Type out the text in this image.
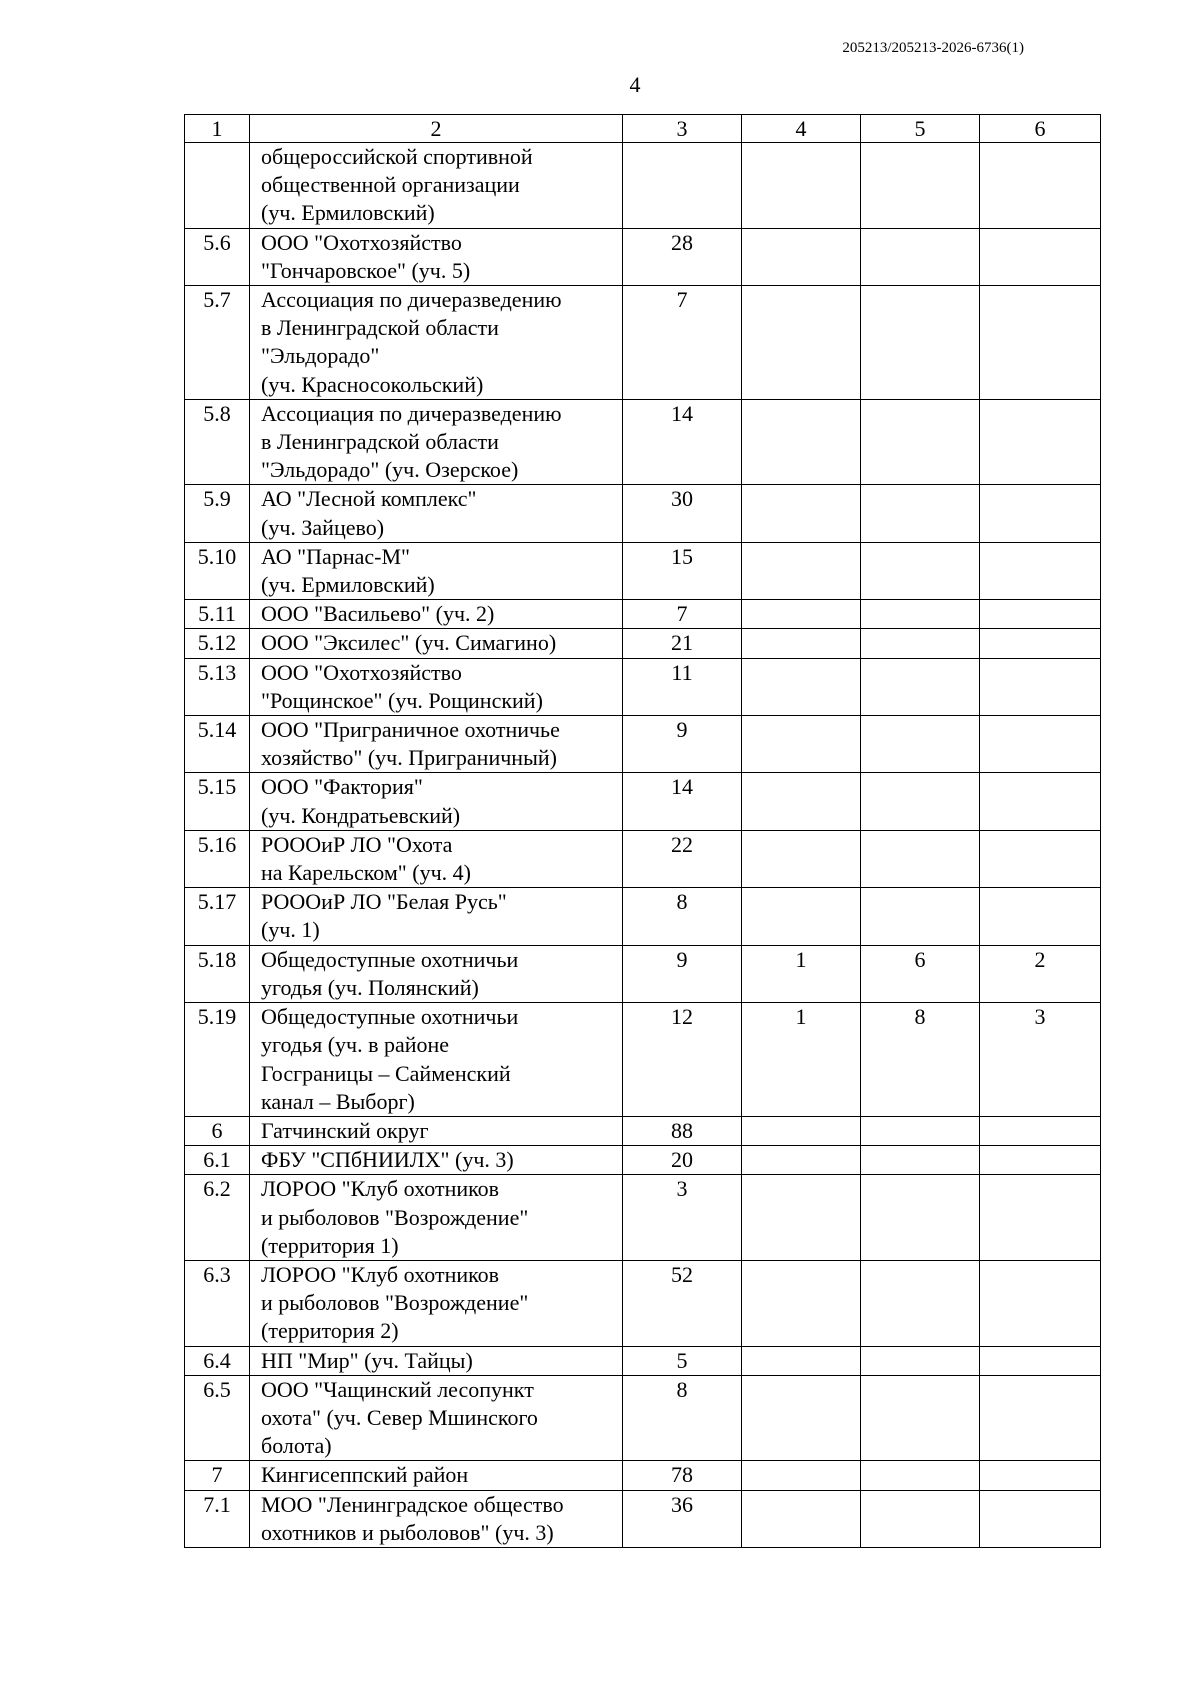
205213/205213-2026-6736(1)
4
1	2	3	4	5	6
	общероссийской спортивной
общественной организации
(уч. Ермиловский)				
5.6	ООО "Охотхозяйство
"Гончаровское" (уч. 5)	28			
5.7	Ассоциация по дичеразведению
в Ленинградской области
"Эльдорадо"
(уч. Красносокольский)	7			
5.8	Ассоциация по дичеразведению
в Ленинградской области
"Эльдорадо" (уч. Озерское)	14			
5.9	АО "Лесной комплекс"
(уч. Зайцево)	30			
5.10	АО "Парнас-М"
(уч. Ермиловский)	15			
5.11	ООО "Васильево" (уч. 2)	7			
5.12	ООО "Эксилес" (уч. Симагино)	21			
5.13	ООО "Охотхозяйство
"Рощинское" (уч. Рощинский)	11			
5.14	ООО "Приграничное охотничье
хозяйство" (уч. Приграничный)	9			
5.15	ООО "Фактория"
(уч. Кондратьевский)	14			
5.16	РОООиР ЛО "Охота
на Карельском" (уч. 4)	22			
5.17	РОООиР ЛО "Белая Русь"
(уч. 1)	8			
5.18	Общедоступные охотничьи
угодья (уч. Полянский)	9	1	6	2
5.19	Общедоступные охотничьи
угодья (уч. в районе
Госграницы – Сайменский
канал – Выборг)	12	1	8	3
6	Гатчинский округ	88			
6.1	ФБУ "СПбНИИЛХ" (уч. 3)	20			
6.2	ЛОРОО "Клуб охотников
и рыболовов "Возрождение"
(территория 1)	3			
6.3	ЛОРОО "Клуб охотников
и рыболовов "Возрождение"
(территория 2)	52			
6.4	НП "Мир" (уч. Тайцы)	5			
6.5	ООО "Чащинский лесопункт
охота" (уч. Север Мшинского
болота)	8			
7	Кингисеппский район	78			
7.1	МОО "Ленинградское общество
охотников и рыболовов" (уч. 3)	36			
